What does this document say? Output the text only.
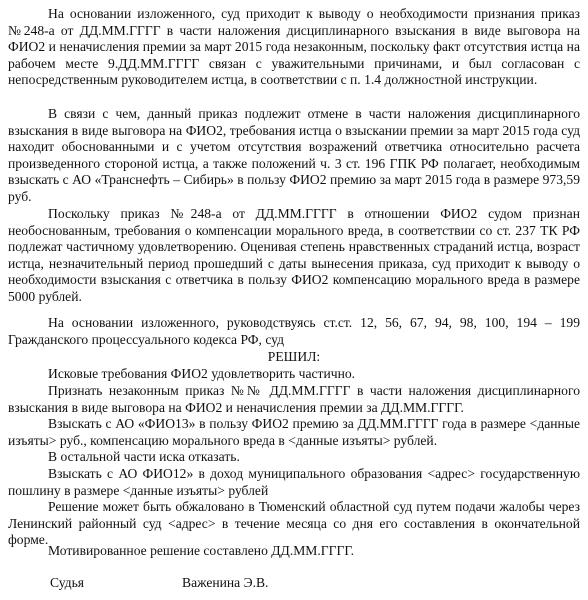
На основании изложенного, суд приходит к выводу о необходимости признания приказ №248-а от ДД.ММ.ГГГГ в части наложения дисциплинарного взыскания в виде выговора на ФИО2 и неначисления премии за март 2015 года незаконным, поскольку факт отсутствия истца на рабочем месте 9.ДД.ММ.ГГГГ связан с уважительными причинами, и был согласован с непосредственным руководителем истца, в соответствии с п. 1.4 должностной инструкции.

В связи с чем, данный приказ подлежит отмене в части наложения дисциплинарного взыскания в виде выговора на ФИО2, требования истца о взыскании премии за март 2015 года суд находит обоснованными и с учетом отсутствия возражений ответчика относительно расчета произведенного стороной истца, а также положений ч. 3 ст. 196 ГПК РФ полагает, необходимым взыскать с АО «Транснефть – Сибирь» в пользу ФИО2 премию за март 2015 года в размере 973,59 руб.

Поскольку приказ №248-а от ДД.ММ.ГГГГ в отношении ФИО2 судом признан необоснованным, требования о компенсации морального вреда, в соответствии со ст. 237 ТК РФ подлежат частичному удовлетворению. Оценивая степень нравственных страданий истца, возраст истца, незначительный период прошедший с даты вынесения приказа, суд приходит к выводу о необходимости взыскания с ответчика в пользу ФИО2 компенсацию морального вреда в размере 5000 рублей.

На основании изложенного, руководствуясь ст.ст. 12, 56, 67, 94, 98, 100, 194 – 199 Гражданского процессуального кодекса РФ, суд

РЕШИЛ:

Исковые требования ФИО2 удовлетворить частично.

Признать незаконным приказ №№ ДД.ММ.ГГГГ в части наложения дисциплинарного взыскания в виде выговора на ФИО2 и неначисления премии за ДД.ММ.ГГГГ.

Взыскать с АО «ФИО13» в пользу ФИО2 премию за ДД.ММ.ГГГГ года в размере <данные изъяты> руб., компенсацию морального вреда в <данные изъяты> рублей.

В остальной части иска отказать.

Взыскать с АО ФИО12» в доход муниципального образования <адрес> государственную пошлину в размере <данные изъяты> рублей

Решение может быть обжаловано в Тюменский областной суд путем подачи жалобы через Ленинский районный суд <адрес> в течение месяца со дня его составления в окончательной форме.

Мотивированное решение составлено ДД.ММ.ГГГГ.

Судья	Важенина Э.В.
